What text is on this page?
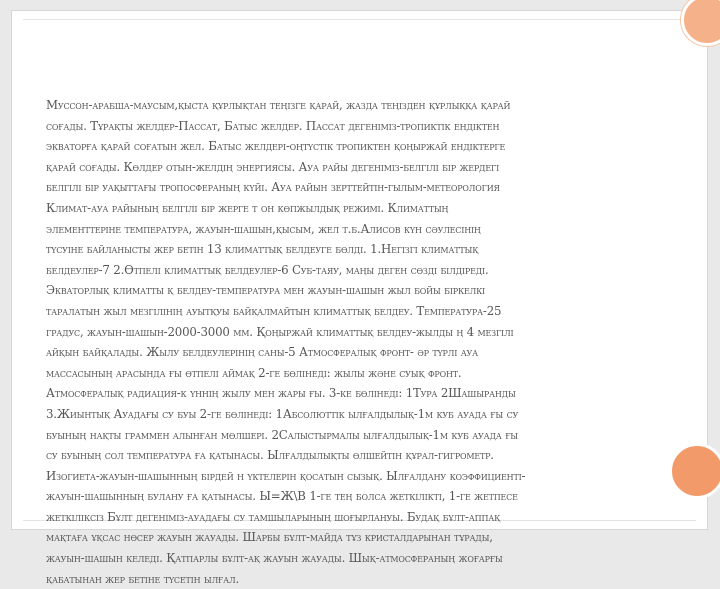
Муссон-арабша-маусым,қыста құрлықтан теңізге қарай, жазда теңізден құрлыққа қарай
соғады. Тұрақты желдер-Пассат, Батыс желдер. Пассат дегеніміз-тропиктік ендіктен
экваторға қарай соғатын жел. Батыс желдері-оңтүстік тропиктен қоңыржай ендіктерге
қарай соғады. Көлдер отын-желдің энергиясы. Ауа райы дегеніміз-белгілі бір жердегі
белгілі бір уақыттағы тропосфераның күйі. Ауа райын зерттейтін-гылым-метеорология
Климат-ауа райының белгілі бір жерге т он көпжылдық режимі. Климаттың
элементтеріне температура, жауын-шашын,қысым, жел т.б.Алисов күн сәулесінің
түсуіне байланысты жер бетін 13 климаттық белдеуге бөлді. 1.Негізгі климаттық
белдеулер-7 2.Өтпелі климаттық белдеулер-6 Суб-таяу, маңы деген сөзді білдіреді.
Экваторлық климатты қ белдеу-температура мен жауын-шашын жыл бойы біркелкі
таралатын жыл мезгілінің ауытқуы байқалмайтын климаттық белдеу. Температура-25
градус, жауын-шашын-2000-3000 мм. Қоңыржай климаттық белдеу-жылды ң 4 мезгілі
айқын байқалады. Жылу белдеулерінің саны-5 Атмосфералық фронт- әр түрлі ауа
массасының арасында ғы өтпелі аймақ 2-ге бөлінеді: жылы және суық фронт.
Атмосфералық радиация-к үннің жылу мен жары ғы. 3-ке бөлінеді: 1Тура 2Шашыранды
3.Жиынтық Ауадағы су буы 2-ге бөлінеді: 1Абсолюттік ылғалдылық-1м куб ауада ғы су
буының нақты граммен алынған мөлшері. 2Салыстырмалы ылғалдылық-1м куб ауада ғы
су буының сол температура ға қатынасы. Ылғалдылықты өлшейтін құрал-гигрометр.
Изогиета-жауын-шашынның бірдей н үктелерін қосатын сызық. Ылғалдану коэффициенті-
жауын-шашынның булану ға қатынасы. Ы=Ж\В 1-ге тең болса жеткілікті, 1-ге жетпесе
жеткіліксіз Бұлт дегеніміз-ауадағы су тамшыларының шоғырлануы. Будақ бұлт-аппақ
мақтаға ұқсас нөсер жауын жауады. Шарбы бұлт-майда тұз кристалдарынан тұрады,
жауын-шашын келеді. Қатпарлы бұлт-ақ жауын жауады. Шық-атмосфераның жоғарғы
қабатынан жер бетіне түсетін ылғал.
